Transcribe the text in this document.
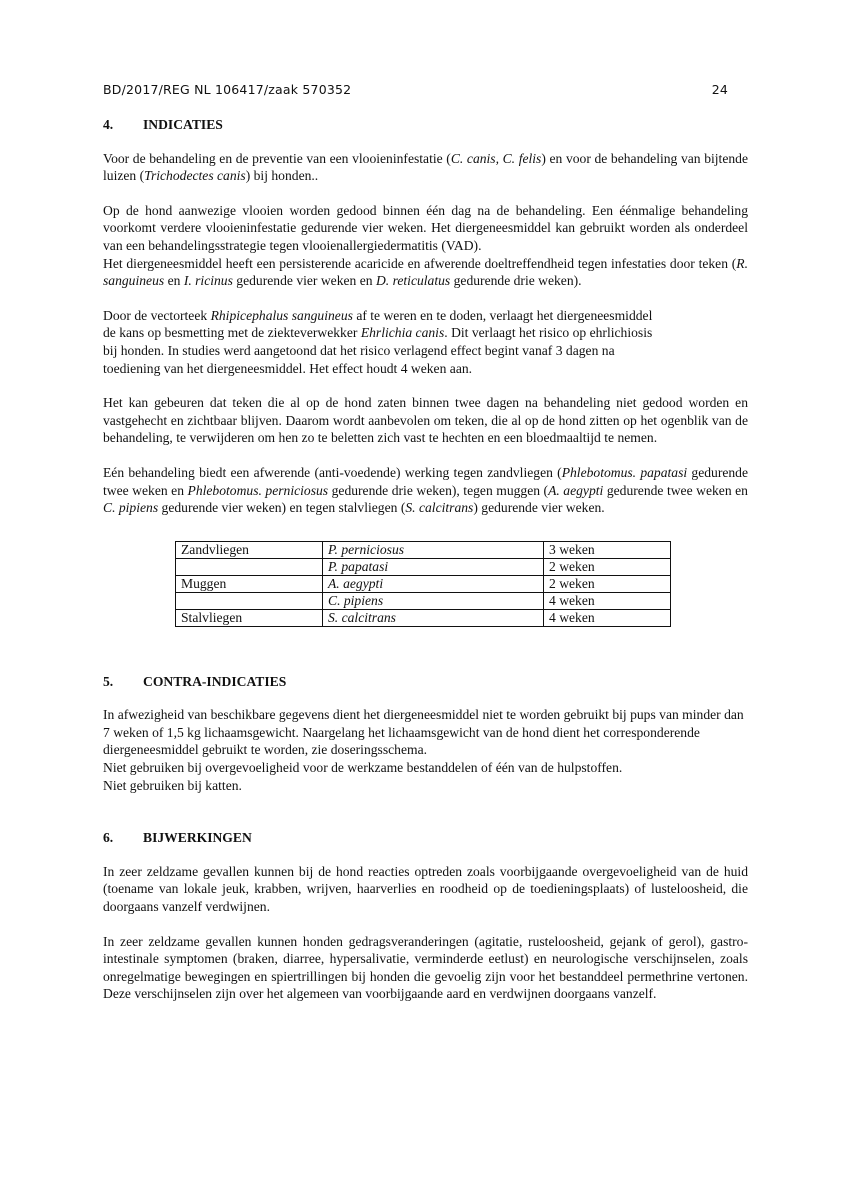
BD/2017/REG NL 106417/zaak 570352	24
4. INDICATIES

Voor de behandeling en de preventie van een vlooieninfestatie (C. canis, C. felis) en voor de behandeling van bijtende luizen (Trichodectes canis) bij honden..

Op de hond aanwezige vlooien worden gedood binnen één dag na de behandeling. Een éénmalige behandeling voorkomt verdere vlooieninfestatie gedurende vier weken. Het diergeneesmiddel kan gebruikt worden als onderdeel van een behandelingsstrategie tegen vlooienallergiedermatitis (VAD).
Het diergeneesmiddel heeft een persisterende acaricide en afwerende doeltreffendheid tegen infestaties door teken (R. sanguineus en I. ricinus gedurende vier weken en D. reticulatus gedurende drie weken).

Door de vectorteek Rhipicephalus sanguineus af te weren en te doden, verlaagt het diergeneesmiddel
de kans op besmetting met de ziekteverwekker Ehrlichia canis. Dit verlaagt het risico op ehrlichiosis
bij honden. In studies werd aangetoond dat het risico verlagend effect begint vanaf 3 dagen na
toediening van het diergeneesmiddel. Het effect houdt 4 weken aan.

Het kan gebeuren dat teken die al op de hond zaten binnen twee dagen na behandeling niet gedood worden en vastgehecht en zichtbaar blijven. Daarom wordt aanbevolen om teken, die al op de hond zitten op het ogenblik van de behandeling, te verwijderen om hen zo te beletten zich vast te hechten en een bloedmaaltijd te nemen.

Eén behandeling biedt een afwerende (anti-voedende) werking tegen zandvliegen (Phlebotomus. papatasi gedurende twee weken en Phlebotomus. perniciosus gedurende drie weken), tegen muggen (A. aegypti gedurende twee weken en C. pipiens gedurende vier weken) en tegen stalvliegen (S. calcitrans) gedurende vier weken.

Zandvliegen	P. perniciosus	3 weken
	P. papatasi	2 weken
Muggen	A. aegypti	2 weken
	C. pipiens	4 weken
Stalvliegen	S. calcitrans	4 weken
5. CONTRA-INDICATIES

In afwezigheid van beschikbare gegevens dient het diergeneesmiddel niet te worden gebruikt bij pups van minder dan 7 weken of 1,5 kg lichaamsgewicht. Naargelang het lichaamsgewicht van de hond dient het corresponderende diergeneesmiddel gebruikt te worden, zie doseringsschema.
Niet gebruiken bij overgevoeligheid voor de werkzame bestanddelen of één van de hulpstoffen.
Niet gebruiken bij katten.

6. BIJWERKINGEN

In zeer zeldzame gevallen kunnen bij de hond reacties optreden zoals voorbijgaande overgevoeligheid van de huid (toename van lokale jeuk, krabben, wrijven, haarverlies en roodheid op de toedieningsplaats) of lusteloosheid, die doorgaans vanzelf verdwijnen.

In zeer zeldzame gevallen kunnen honden gedragsveranderingen (agitatie, rusteloosheid, gejank of gerol), gastro-intestinale symptomen (braken, diarree, hypersalivatie, verminderde eetlust) en neurologische verschijnselen, zoals onregelmatige bewegingen en spiertrillingen bij honden die gevoelig zijn voor het bestanddeel permethrine vertonen. Deze verschijnselen zijn over het algemeen van voorbijgaande aard en verdwijnen doorgaans vanzelf.
